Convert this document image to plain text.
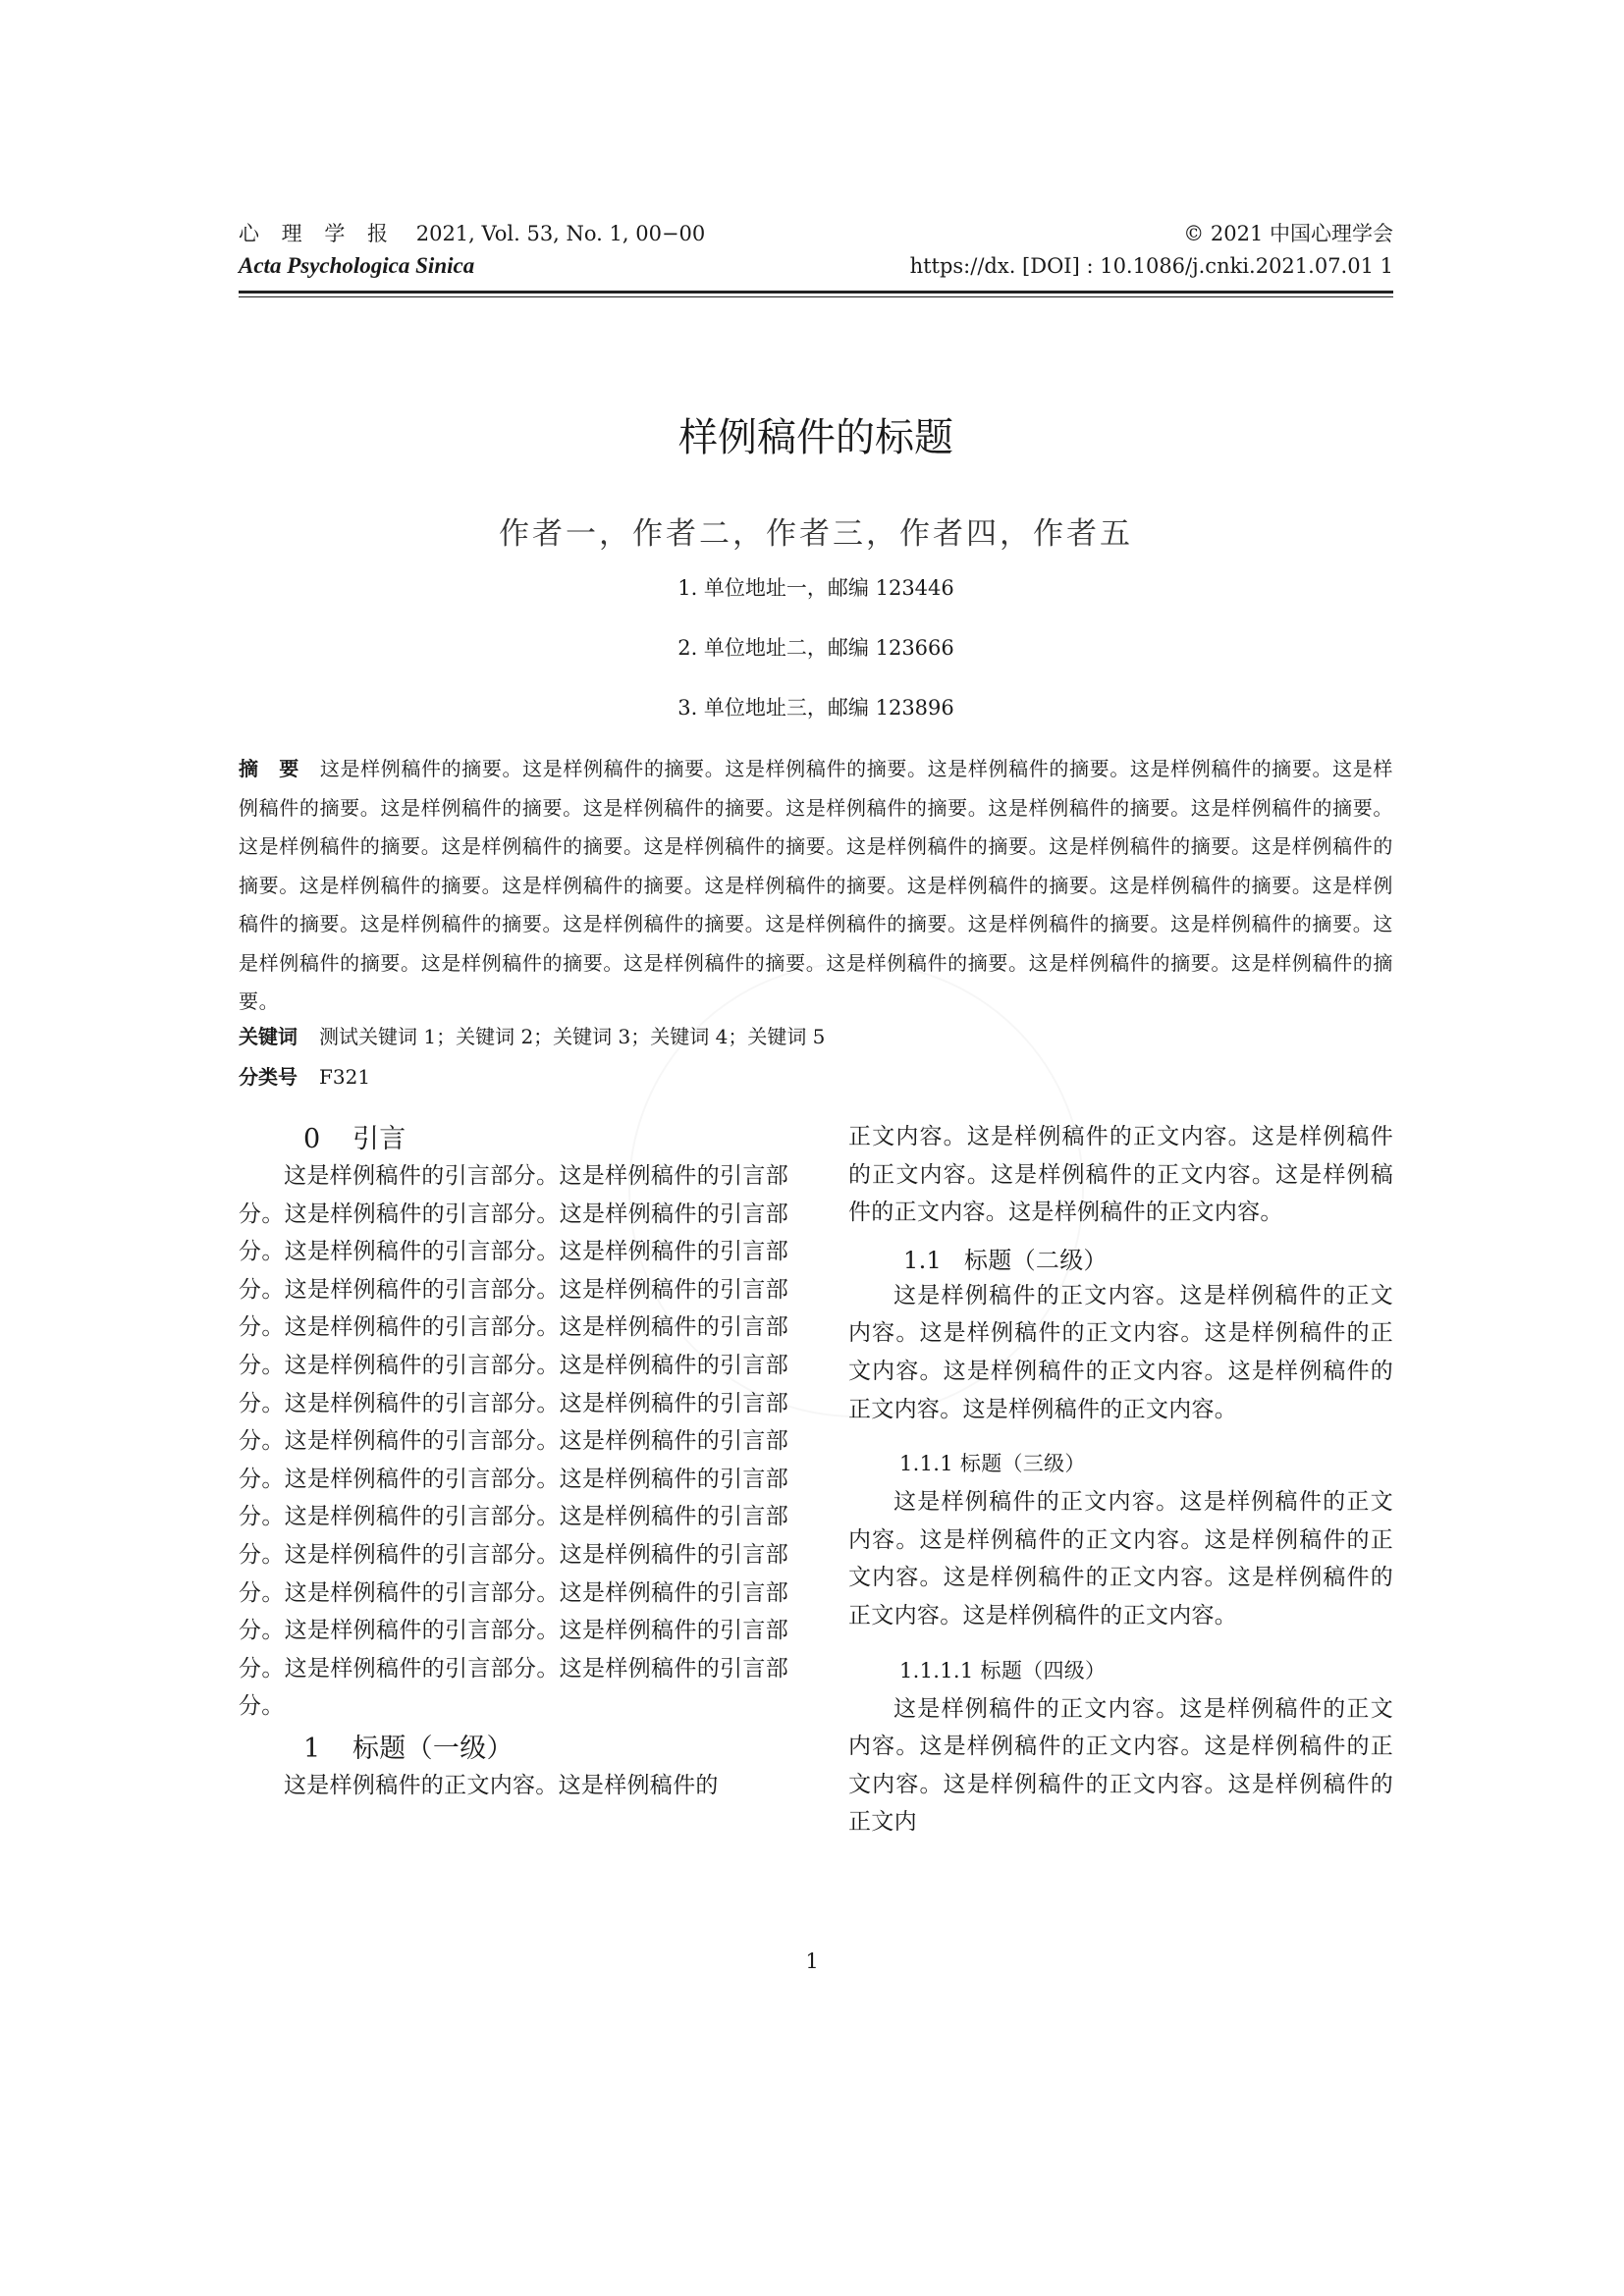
心 理 学 报 2021, Vol. 53, No. 1, 00−00	© 2021 中国心理学会
Acta Psychologica Sinica	https://dx. [DOI] : 10.1086/j.cnki.2021.07.01 1
样例稿件的标题
作者一，作者二，作者三，作者四，作者五
1. 单位地址一，邮编 123446
2. 单位地址二，邮编 123666
3. 单位地址三，邮编 123896
摘　要 这是样例稿件的摘要。这是样例稿件的摘要。这是样例稿件的摘要。这是样例稿件的摘要。这是样例稿件的摘要。这是样例稿件的摘要。这是样例稿件的摘要。这是样例稿件的摘要。这是样例稿件的摘要。这是样例稿件的摘要。这是样例稿件的摘要。这是样例稿件的摘要。这是样例稿件的摘要。这是样例稿件的摘要。这是样例稿件的摘要。这是样例稿件的摘要。这是样例稿件的摘要。这是样例稿件的摘要。这是样例稿件的摘要。这是样例稿件的摘要。这是样例稿件的摘要。这是样例稿件的摘要。这是样例稿件的摘要。这是样例稿件的摘要。这是样例稿件的摘要。这是样例稿件的摘要。这是样例稿件的摘要。这是样例稿件的摘要。这是样例稿件的摘要。这是样例稿件的摘要。这是样例稿件的摘要。这是样例稿件的摘要。这是样例稿件的摘要。这是样例稿件的摘要。
关键词 测试关键词 1；关键词 2；关键词 3；关键词 4；关键词 5
分类号 F321
0 引言

这是样例稿件的引言部分。这是样例稿件的引言部分。这是样例稿件的引言部分。这是样例稿件的引言部分。这是样例稿件的引言部分。这是样例稿件的引言部分。这是样例稿件的引言部分。这是样例稿件的引言部分。这是样例稿件的引言部分。这是样例稿件的引言部分。这是样例稿件的引言部分。这是样例稿件的引言部分。这是样例稿件的引言部分。这是样例稿件的引言部分。这是样例稿件的引言部分。这是样例稿件的引言部分。这是样例稿件的引言部分。这是样例稿件的引言部分。这是样例稿件的引言部分。这是样例稿件的引言部分。这是样例稿件的引言部分。这是样例稿件的引言部分。这是样例稿件的引言部分。这是样例稿件的引言部分。这是样例稿件的引言部分。这是样例稿件的引言部分。这是样例稿件的引言部分。这是样例稿件的引言部分。

1 标题（一级）

这是样例稿件的正文内容。这是样例稿件的

正文内容。这是样例稿件的正文内容。这是样例稿件的正文内容。这是样例稿件的正文内容。这是样例稿件的正文内容。这是样例稿件的正文内容。

1.1 标题（二级）

这是样例稿件的正文内容。这是样例稿件的正文内容。这是样例稿件的正文内容。这是样例稿件的正文内容。这是样例稿件的正文内容。这是样例稿件的正文内容。这是样例稿件的正文内容。

1.1.1 标题（三级）

这是样例稿件的正文内容。这是样例稿件的正文内容。这是样例稿件的正文内容。这是样例稿件的正文内容。这是样例稿件的正文内容。这是样例稿件的正文内容。这是样例稿件的正文内容。

1.1.1.1 标题（四级）

这是样例稿件的正文内容。这是样例稿件的正文内容。这是样例稿件的正文内容。这是样例稿件的正文内容。这是样例稿件的正文内容。这是样例稿件的正文内

1
